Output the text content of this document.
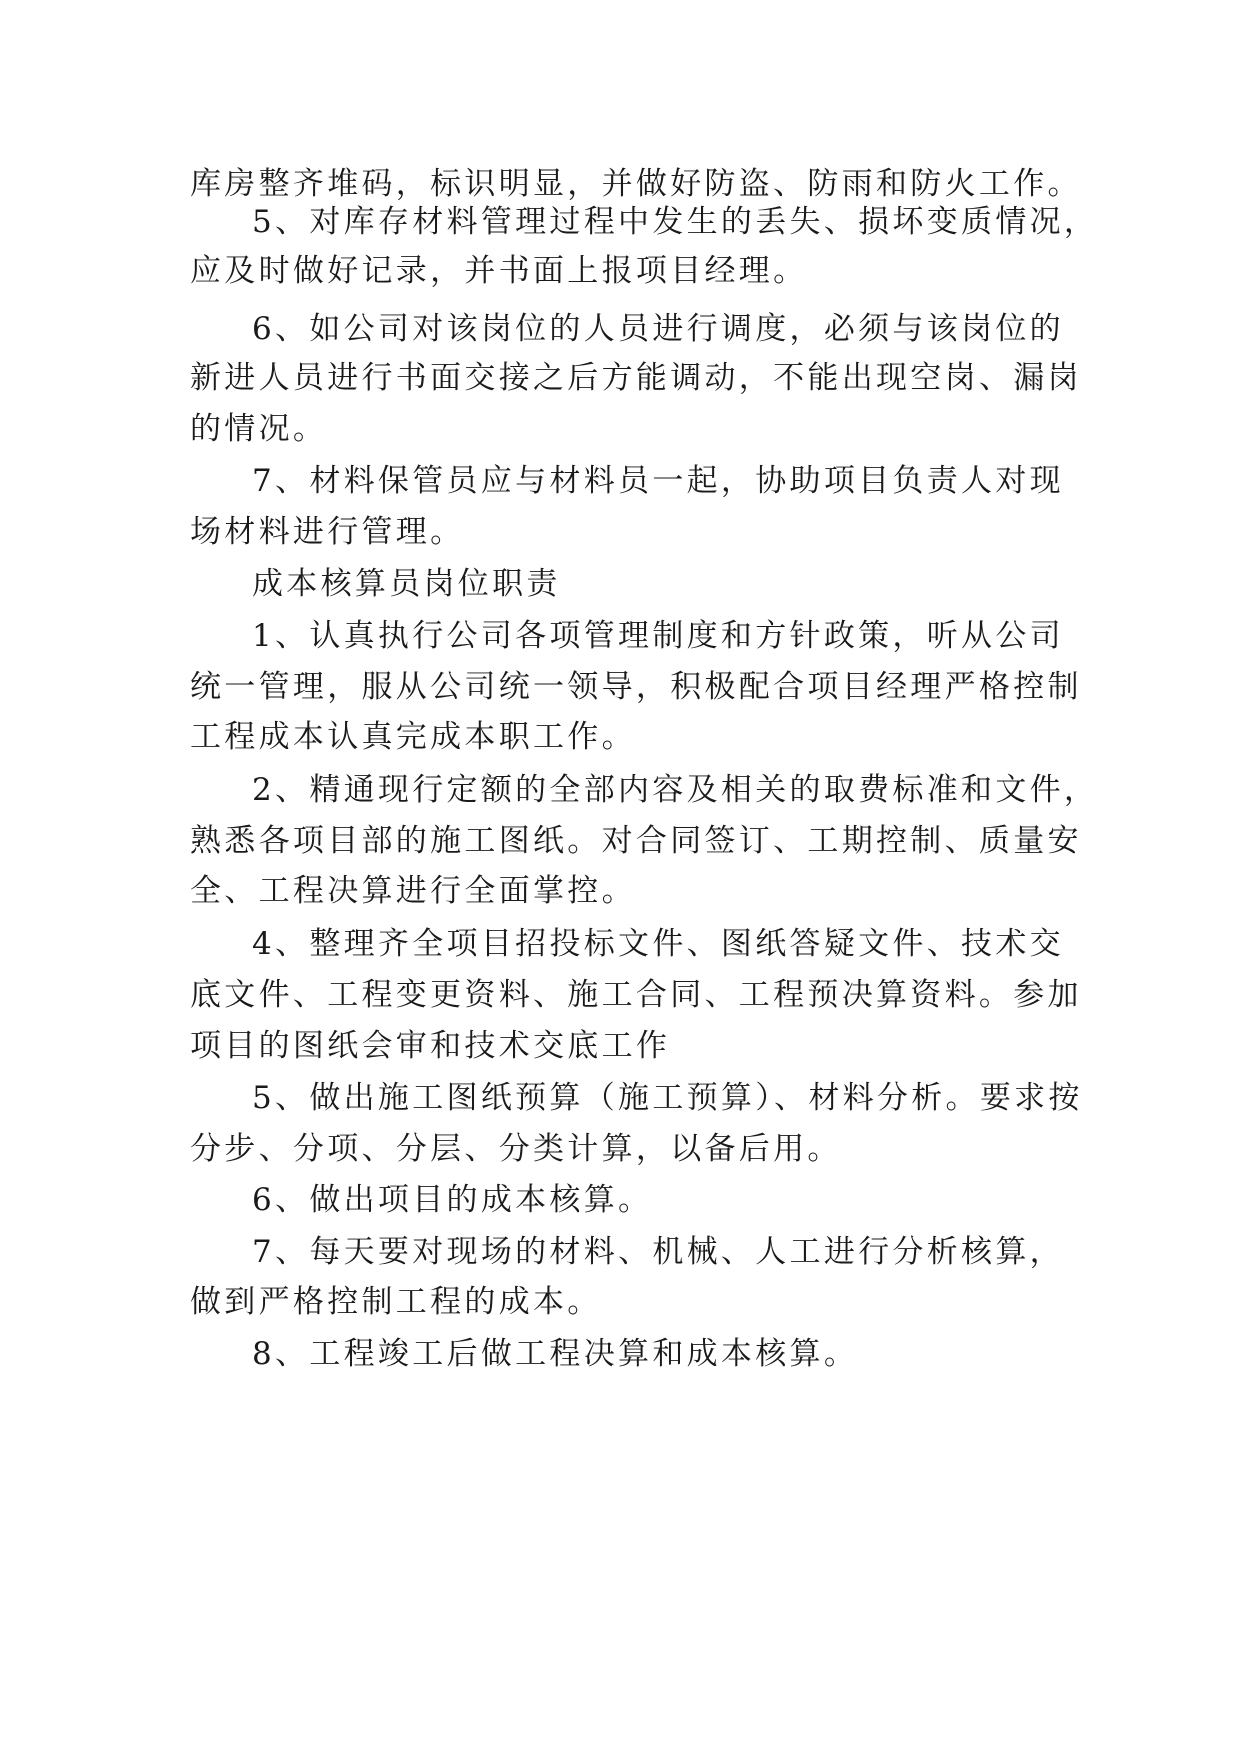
库房整齐堆码，标识明显，并做好防盗、防雨和防火工作。
5、对库存材料管理过程中发生的丢失、损坏变质情况，
应及时做好记录，并书面上报项目经理。
6、如公司对该岗位的人员进行调度，必须与该岗位的
新进人员进行书面交接之后方能调动，不能出现空岗、漏岗
的情况。
7、材料保管员应与材料员一起，协助项目负责人对现
场材料进行管理。
成本核算员岗位职责
1、认真执行公司各项管理制度和方针政策，听从公司
统一管理，服从公司统一领导，积极配合项目经理严格控制
工程成本认真完成本职工作。
2、精通现行定额的全部内容及相关的取费标准和文件，
熟悉各项目部的施工图纸。对合同签订、工期控制、质量安
全、工程决算进行全面掌控。
4、整理齐全项目招投标文件、图纸答疑文件、技术交
底文件、工程变更资料、施工合同、工程预决算资料。参加
项目的图纸会审和技术交底工作
5、做出施工图纸预算（施工预算）、材料分析。要求按
分步、分项、分层、分类计算，以备后用。
6、做出项目的成本核算。
7、每天要对现场的材料、机械、人工进行分析核算，
做到严格控制工程的成本。
8、工程竣工后做工程决算和成本核算。
